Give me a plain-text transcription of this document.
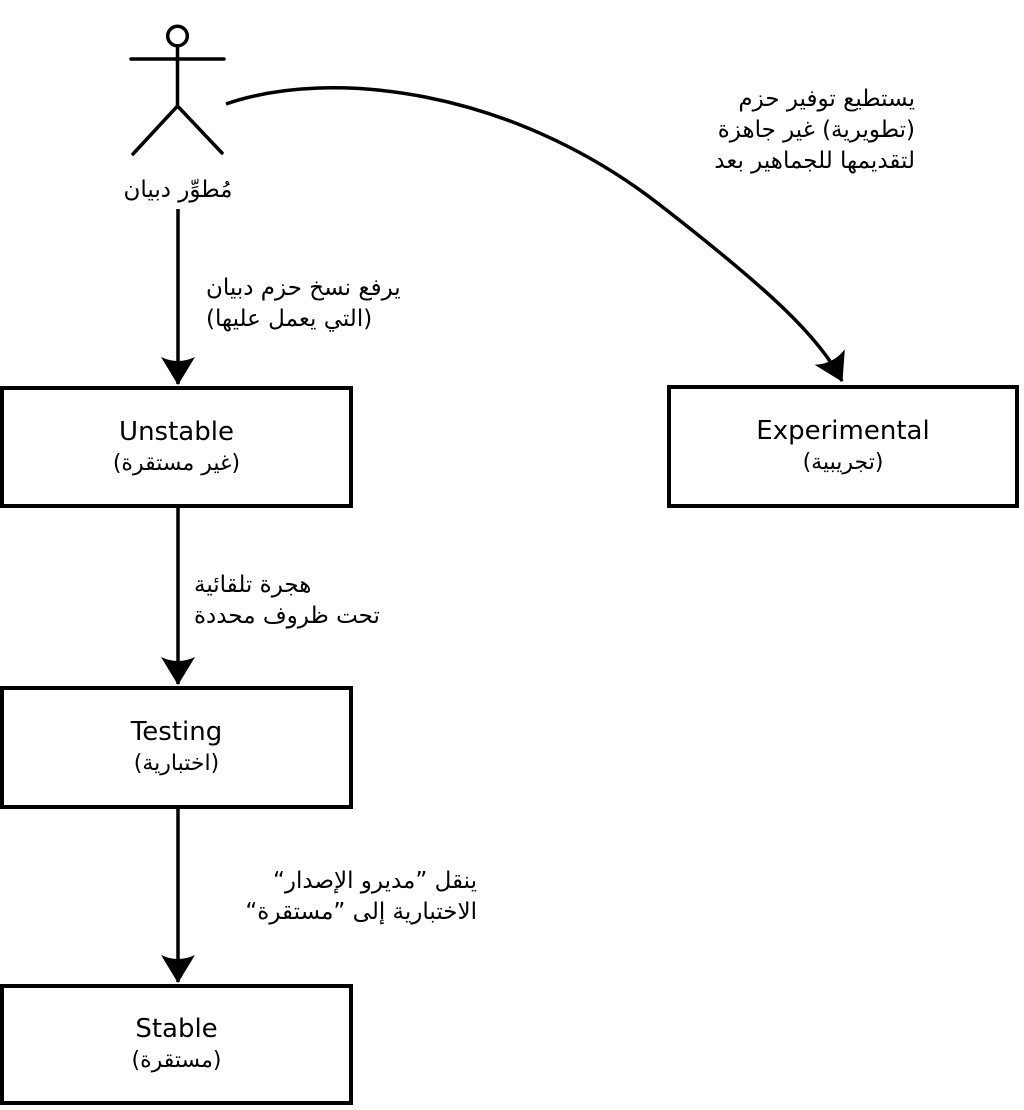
مُطوِّر دبيان
يستطيع توفير حزم
(تطويرية) غير جاهزة
لتقديمها للجماهير بعد
يرفع نسخ حزم دبيان
(التي يعمل عليها)
هجرة تلقائية
تحت ظروف محددة
ينقل ”مديرو الإصدار“
الاختبارية إلى ”مستقرة“
Unstable
(غير مستقرة)
Experimental
(تجريبية)
Testing
(اختبارية)
Stable
(مستقرة)
